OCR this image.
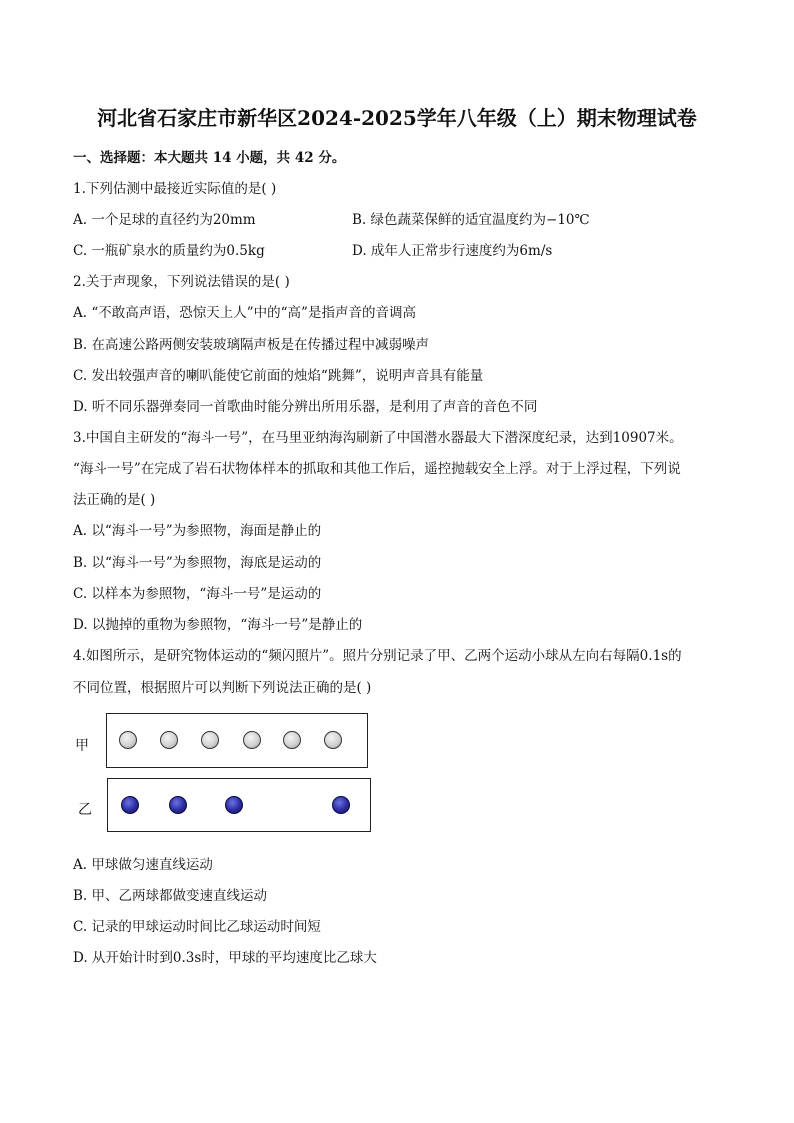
河北省石家庄市新华区2024-2025学年八年级（上）期末物理试卷
一、选择题：本大题共 14 小题，共 42 分。
1.下列估测中最接近实际值的是( )
A. 一个足球的直径约为20mm	B. 绿色蔬菜保鲜的适宜温度约为−10℃
C. 一瓶矿泉水的质量约为0.5kg	D. 成年人正常步行速度约为6m/s
2.关于声现象，下列说法错误的是( )
A. “不敢高声语，恐惊天上人”中的“高”是指声音的音调高
B. 在高速公路两侧安装玻璃隔声板是在传播过程中减弱噪声
C. 发出较强声音的喇叭能使它前面的烛焰“跳舞”，说明声音具有能量
D. 听不同乐器弹奏同一首歌曲时能分辨出所用乐器，是利用了声音的音色不同
3.中国自主研发的“海斗一号”，在马里亚纳海沟刷新了中国潜水器最大下潜深度纪录，达到10907米。
“海斗一号”在完成了岩石状物体样本的抓取和其他工作后，遥控抛载安全上浮。对于上浮过程，下列说
法正确的是( )
A. 以“海斗一号”为参照物，海面是静止的
B. 以“海斗一号”为参照物，海底是运动的
C. 以样本为参照物，“海斗一号”是运动的
D. 以抛掉的重物为参照物，“海斗一号”是静止的
4.如图所示，是研究物体运动的“频闪照片”。照片分别记录了甲、乙两个运动小球从左向右每隔0.1s的
不同位置，根据照片可以判断下列说法正确的是( )
甲
乙
A. 甲球做匀速直线运动
B. 甲、乙两球都做变速直线运动
C. 记录的甲球运动时间比乙球运动时间短
D. 从开始计时到0.3s时，甲球的平均速度比乙球大
